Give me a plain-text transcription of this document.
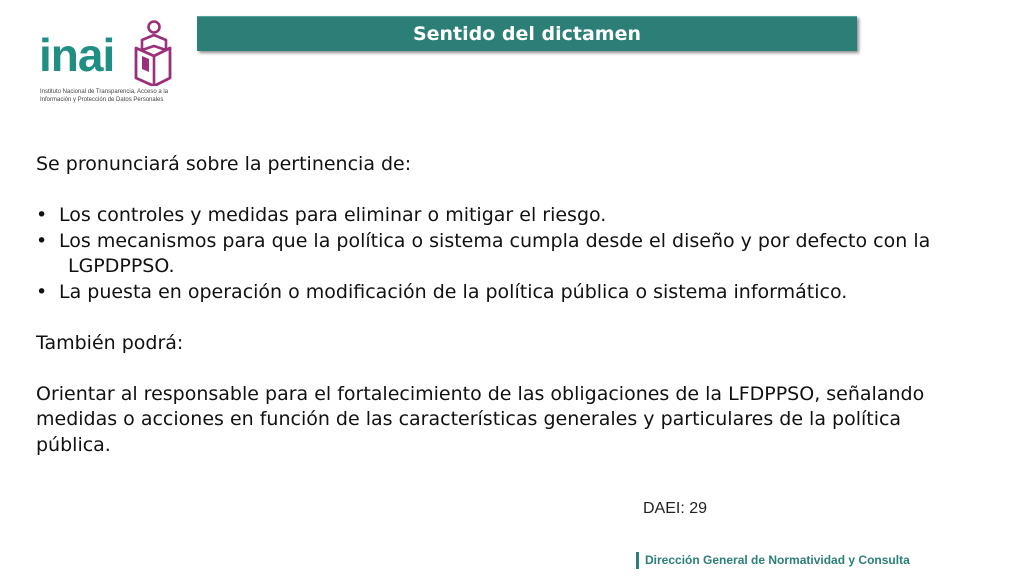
inai
Instituto Nacional de Transparencia, Acceso a la
Información y Protección de Datos Personales
Sentido del dictamen

Se pronunciará sobre la pertinencia de:

• Los controles y medidas para eliminar o mitigar el riesgo.
• Los mecanismos para que la política o sistema cumpla desde el diseño y por defecto con la
LGPDPPSO.
• La puesta en operación o modificación de la política pública o sistema informático.

También podrá:

Orientar al responsable para el fortalecimiento de las obligaciones de la LFDPPSO, señalando

medidas o acciones en función de las características generales y particulares de la política

pública.

DAEI: 29
Dirección General de Normatividad y Consulta
